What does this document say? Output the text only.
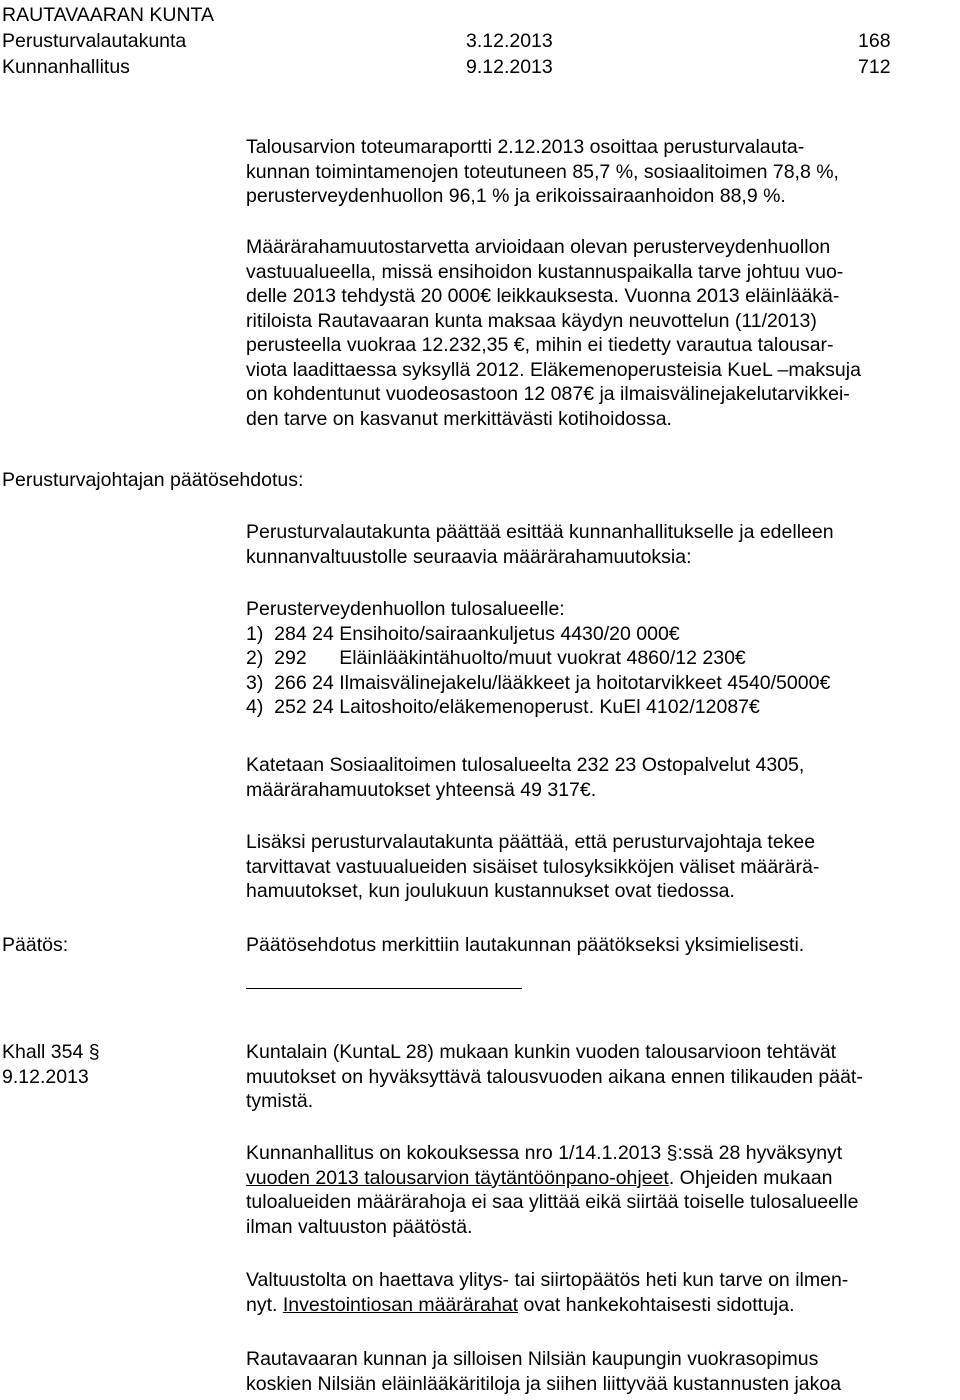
RAUTAVAARAN KUNTA
Perusturvalautakunta	3.12.2013	168
Kunnanhallitus	9.12.2013	712
Talousarvion toteumaraportti 2.12.2013 osoittaa perusturvalauta-
kunnan toimintamenojen toteutuneen 85,7 %, sosiaalitoimen 78,8 %,
perusterveydenhuollon 96,1 % ja erikoissairaanhoidon 88,9 %.
Määrärahamuutostarvetta arvioidaan olevan perusterveydenhuollon
vastuualueella, missä ensihoidon kustannuspaikalla tarve johtuu vuo-
delle 2013 tehdystä 20 000€ leikkauksesta. Vuonna 2013 eläinlääkä-
ritiloista Rautavaaran kunta maksaa käydyn neuvottelun (11/2013)
perusteella vuokraa 12.232,35 €, mihin ei tiedetty varautua talousar-
viota laadittaessa syksyllä 2012. Eläkemenoperusteisia KueL –maksuja
on kohdentunut vuodeosastoon 12 087€ ja ilmaisvälinejakelutarvikkei-
den tarve on kasvanut merkittävästi kotihoidossa.
Perusturvajohtajan päätösehdotus:
Perusturvalautakunta päättää esittää kunnanhallitukselle ja edelleen
kunnanvaltuustolle seuraavia määrärahamuutoksia:
Perusterveydenhuollon tulosalueelle:
1)  284 24 Ensihoito/sairaankuljetus 4430/20 000€
2)  292      Eläinlääkintähuolto/muut vuokrat 4860/12 230€
3)  266 24 Ilmaisvälinejakelu/lääkkeet ja hoitotarvikkeet 4540/5000€
4)  252 24 Laitoshoito/eläkemenoperust. KuEl 4102/12087€
Katetaan Sosiaalitoimen tulosalueelta 232 23 Ostopalvelut 4305,
määrärahamuutokset yhteensä 49 317€.
Lisäksi perusturvalautakunta päättää, että perusturvajohtaja tekee
tarvittavat vastuualueiden sisäiset tulosyksikköjen väliset määrärä-
hamuutokset, kun joulukuun kustannukset ovat tiedossa.
Päätös:	Päätösehdotus merkittiin lautakunnan päätökseksi yksimielisesti.
Khall 354 §
9.12.2013
Kuntalain (KuntaL 28) mukaan kunkin vuoden talousarvioon tehtävät
muutokset on hyväksyttävä talousvuoden aikana ennen tilikauden päät-
tymistä.
Kunnanhallitus on kokouksessa nro 1/14.1.2013 §:ssä 28 hyväksynyt
vuoden 2013 talousarvion täytäntöönpano-ohjeet. Ohjeiden mukaan
tuloalueiden määrärahoja ei saa ylittää eikä siirtää toiselle tulosalueelle
ilman valtuuston päätöstä.
Valtuustolta on haettava ylitys- tai siirtopäätös heti kun tarve on ilmen-
nyt. Investointiosan määrärahat ovat hankekohtaisesti sidottuja.
Rautavaaran kunnan ja silloisen Nilsiän kaupungin vuokrasopimus
koskien Nilsiän eläinlääkäritiloja ja siihen liittyvää kustannusten jakoa
